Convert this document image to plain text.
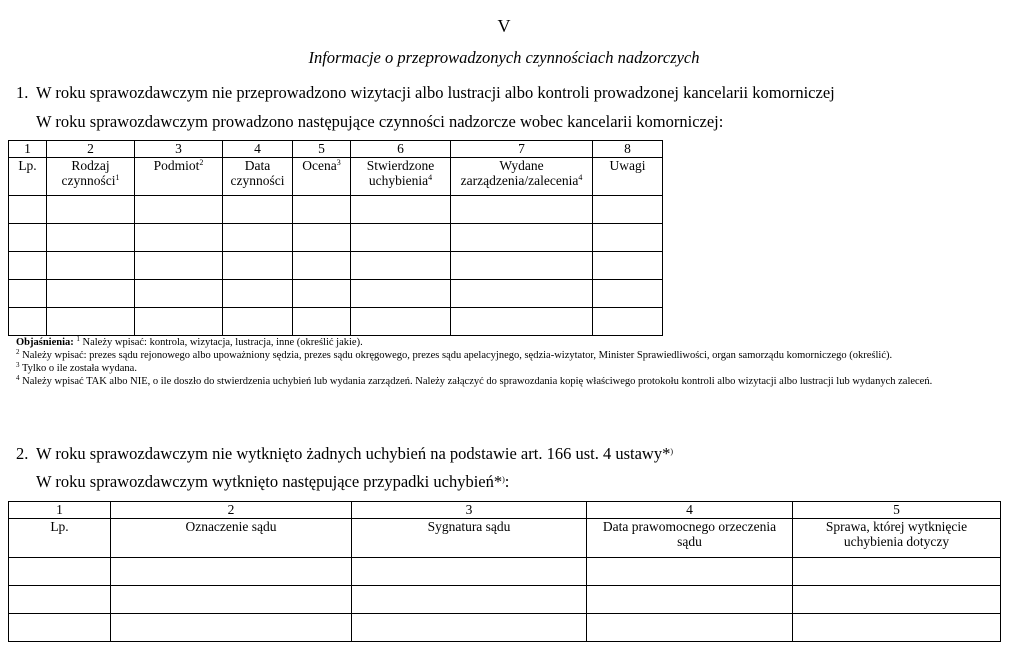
V
Informacje o przeprowadzonych czynnościach nadzorczych
1. W roku sprawozdawczym nie przeprowadzono wizytacji albo lustracji albo kontroli prowadzonej kancelarii komorniczej
W roku sprawozdawczym prowadzono następujące czynności nadzorcze wobec kancelarii komorniczej:
1	2	3	4	5	6	7	8
Lp.	Rodzaj czynności$^1$	Podmiot$^2$	Data czynności	Ocena$^3$	Stwierdzone uchybienia$^4$	Wydane zarządzenia/zalecenia$^4$	Uwagi

Objaśnienia: $^1$ Należy wpisać: kontrola, wizytacja, lustracja, inne (określić jakie).
$^2$ Należy wpisać: prezes sądu rejonowego albo upoważniony sędzia, prezes sądu okręgowego, prezes sądu apelacyjnego, sędzia-wizytator, Minister Sprawiedliwości, organ samorządu komorniczego (określić).
$^3$ Tylko o ile została wydana.
$^4$ Należy wpisać TAK albo NIE, o ile doszło do stwierdzenia uchybień lub wydania zarządzeń. Należy załączyć do sprawozdania kopię właściwego protokołu kontroli albo wizytacji albo lustracji lub wydanych zaleceń.
2. W roku sprawozdawczym nie wytknięto żadnych uchybień na podstawie art. 166 ust. 4 ustawy*)
W roku sprawozdawczym wytknięto następujące przypadki uchybień*):
1	2	3	4	5
Lp.	Oznaczenie sądu	Sygnatura sądu	Data prawomocnego orzeczenia sądu	Sprawa, której wytknięcie uchybienia dotyczy
